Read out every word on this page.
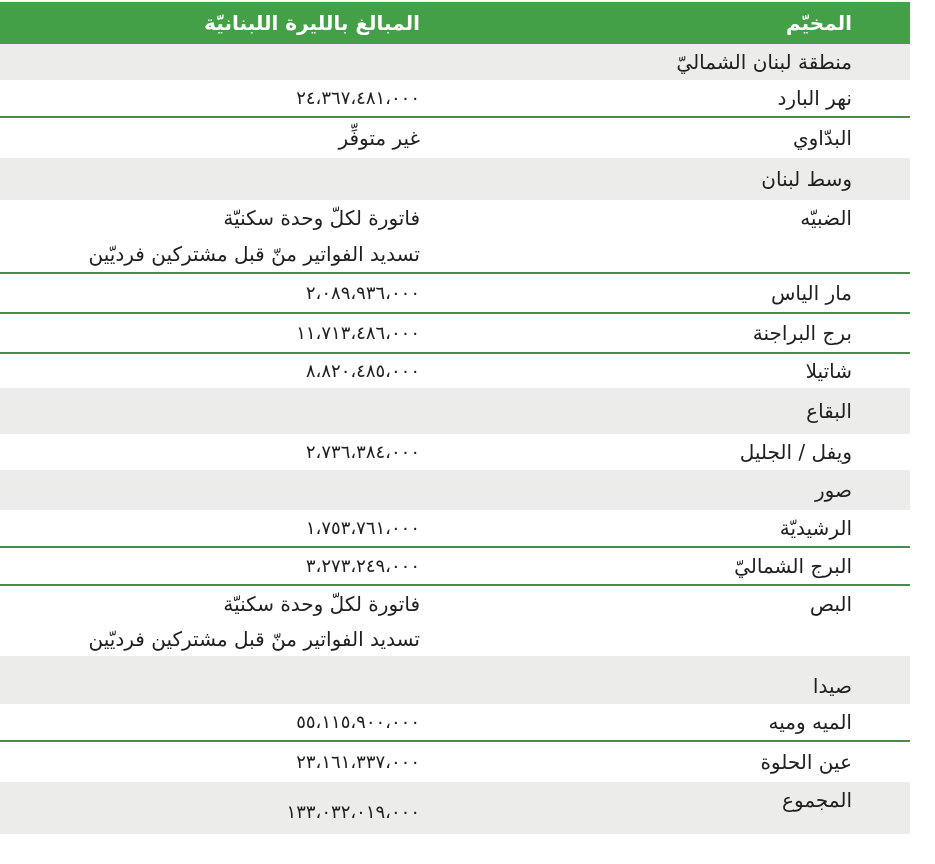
المخيّم
المبالغ بالليرة اللبنانيّة
منطقة لبنان الشماليّ
نهر البارد
٢٤،٣٦٧،٤٨١،٠٠٠
البدّاوي
غير متوفِّر
وسط لبنان
الضبيّه
فاتورة لكلّ وحدة سكنيّة
تسديد الفواتير منّ قبل مشتركين فرديّين
مار الياس
٢،٠٨٩،٩٣٦،٠٠٠
برج البراجنة
١١،٧١٣،٤٨٦،٠٠٠
شاتيلا
٨،٨٢٠،٤٨٥،٠٠٠
البقاع
ويفل / الجليل
٢،٧٣٦،٣٨٤،٠٠٠
صور
الرشيديّة
١،٧٥٣،٧٦١،٠٠٠
البرج الشماليّ
٣،٢٧٣،٢٤٩،٠٠٠
البص
فاتورة لكلّ وحدة سكنيّة
تسديد الفواتير منّ قبل مشتركين فرديّين
صيدا
الميه وميه
٥٥،١١٥،٩٠٠،٠٠٠
عين الحلوة
٢٣،١٦١،٣٣٧،٠٠٠
المجموع
١٣٣،٠٣٢،٠١٩،٠٠٠
